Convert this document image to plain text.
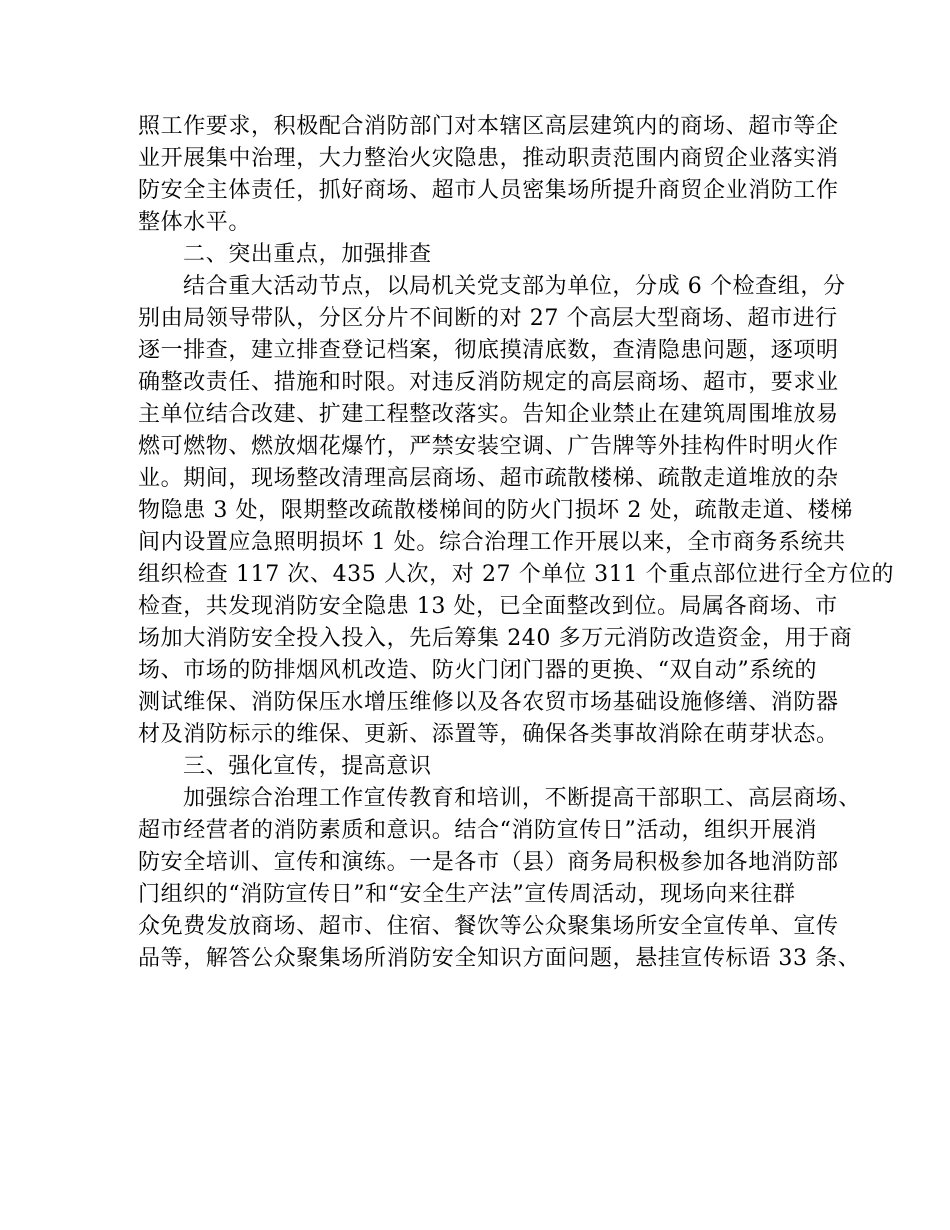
照工作要求，积极配合消防部门对本辖区高层建筑内的商场、超市等企
业开展集中治理，大力整治火灾隐患，推动职责范围内商贸企业落实消
防安全主体责任，抓好商场、超市人员密集场所提升商贸企业消防工作
整体水平。
二、突出重点，加强排查
结合重大活动节点，以局机关党支部为单位，分成 6 个检查组，分
别由局领导带队，分区分片不间断的对 27 个高层大型商场、超市进行
逐一排查，建立排查登记档案，彻底摸清底数，查清隐患问题，逐项明
确整改责任、措施和时限。对违反消防规定的高层商场、超市，要求业
主单位结合改建、扩建工程整改落实。告知企业禁止在建筑周围堆放易
燃可燃物、燃放烟花爆竹，严禁安装空调、广告牌等外挂构件时明火作
业。期间，现场整改清理高层商场、超市疏散楼梯、疏散走道堆放的杂
物隐患 3 处，限期整改疏散楼梯间的防火门损坏 2 处，疏散走道、楼梯
间内设置应急照明损坏 1 处。综合治理工作开展以来，全市商务系统共
组织检查 117 次、435 人次，对 27 个单位 311 个重点部位进行全方位的
检查，共发现消防安全隐患 13 处，已全面整改到位。局属各商场、市
场加大消防安全投入投入，先后筹集 240 多万元消防改造资金，用于商
场、市场的防排烟风机改造、防火门闭门器的更换、“双自动”系统的
测试维保、消防保压水增压维修以及各农贸市场基础设施修缮、消防器
材及消防标示的维保、更新、添置等，确保各类事故消除在萌芽状态。
三、强化宣传，提高意识
加强综合治理工作宣传教育和培训，不断提高干部职工、高层商场、
超市经营者的消防素质和意识。结合“消防宣传日”活动，组织开展消
防安全培训、宣传和演练。一是各市（县）商务局积极参加各地消防部
门组织的“消防宣传日”和“安全生产法”宣传周活动，现场向来往群
众免费发放商场、超市、住宿、餐饮等公众聚集场所安全宣传单、宣传
品等，解答公众聚集场所消防安全知识方面问题，悬挂宣传标语 33 条、
